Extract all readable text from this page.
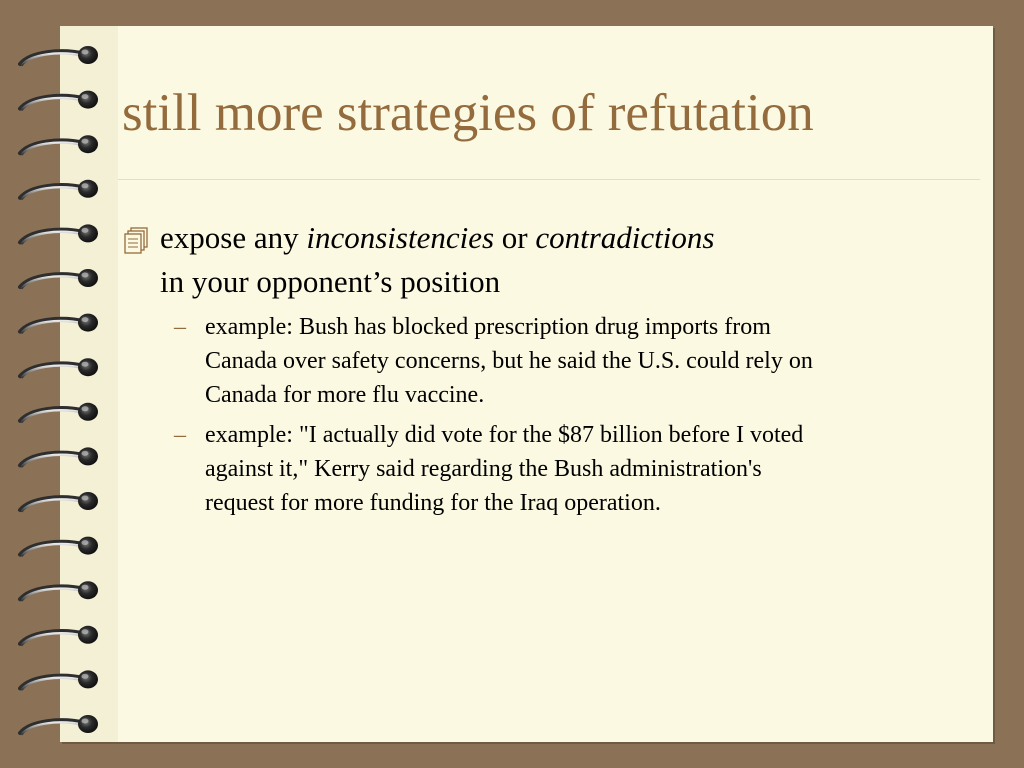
still more strategies of refutation
expose any inconsistencies or contradictions
in your opponent’s position
– example: Bush has blocked prescription drug imports from Canada over safety concerns, but he said the U.S. could rely on Canada for more flu vaccine.
– example: "I actually did vote for the $87 billion before I voted against it," Kerry said regarding the Bush administration's request for more funding for the Iraq operation.
